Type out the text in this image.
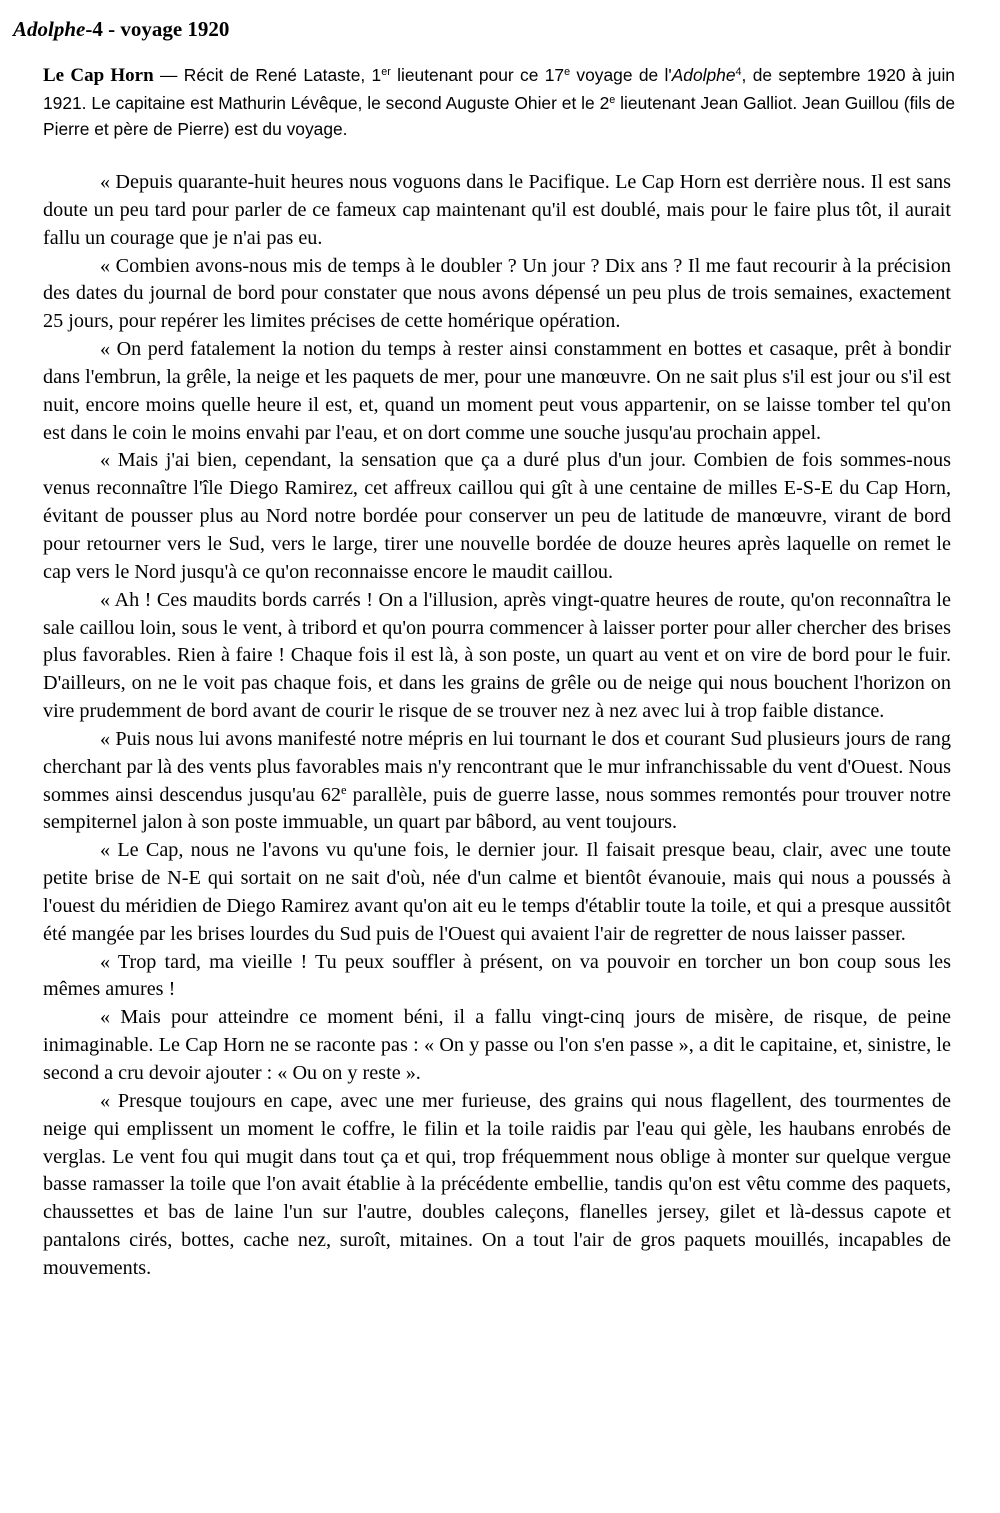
Adolphe-4 - voyage 1920

Le Cap Horn — Récit de René Lataste, 1er lieutenant pour ce 17e voyage de l'Adolphe$^4$, de septembre 1920 à juin 1921. Le capitaine est Mathurin Lévêque, le second Auguste Ohier et le 2e lieutenant Jean Galliot. Jean Guillou (fils de Pierre et père de Pierre) est du voyage.

« Depuis quarante-huit heures nous voguons dans le Pacifique. Le Cap Horn est derrière nous. Il est sans doute un peu tard pour parler de ce fameux cap maintenant qu'il est doublé, mais pour le faire plus tôt, il aurait fallu un courage que je n'ai pas eu.

« Combien avons-nous mis de temps à le doubler ? Un jour ? Dix ans ? Il me faut recourir à la précision des dates du journal de bord pour constater que nous avons dépensé un peu plus de trois semaines, exactement 25 jours, pour repérer les limites précises de cette homérique opération.

« On perd fatalement la notion du temps à rester ainsi constamment en bottes et casaque, prêt à bondir dans l'embrun, la grêle, la neige et les paquets de mer, pour une manœuvre. On ne sait plus s'il est jour ou s'il est nuit, encore moins quelle heure il est, et, quand un moment peut vous appartenir, on se laisse tomber tel qu'on est dans le coin le moins envahi par l'eau, et on dort comme une souche jusqu'au prochain appel.

« Mais j'ai bien, cependant, la sensation que ça a duré plus d'un jour. Combien de fois sommes-nous venus reconnaître l'île Diego Ramirez, cet affreux caillou qui gît à une centaine de milles E-S-E du Cap Horn, évitant de pousser plus au Nord notre bordée pour conserver un peu de latitude de manœuvre, virant de bord pour retourner vers le Sud, vers le large, tirer une nouvelle bordée de douze heures après laquelle on remet le cap vers le Nord jusqu'à ce qu'on reconnaisse encore le maudit caillou.

« Ah ! Ces maudits bords carrés ! On a l'illusion, après vingt-quatre heures de route, qu'on reconnaîtra le sale caillou loin, sous le vent, à tribord et qu'on pourra commencer à laisser porter pour aller chercher des brises plus favorables. Rien à faire ! Chaque fois il est là, à son poste, un quart au vent et on vire de bord pour le fuir. D'ailleurs, on ne le voit pas chaque fois, et dans les grains de grêle ou de neige qui nous bouchent l'horizon on vire prudemment de bord avant de courir le risque de se trouver nez à nez avec lui à trop faible distance.

« Puis nous lui avons manifesté notre mépris en lui tournant le dos et courant Sud plusieurs jours de rang cherchant par là des vents plus favorables mais n'y rencontrant que le mur infranchissable du vent d'Ouest. Nous sommes ainsi descendus jusqu'au 62e parallèle, puis de guerre lasse, nous sommes remontés pour trouver notre sempiternel jalon à son poste immuable, un quart par bâbord, au vent toujours.

« Le Cap, nous ne l'avons vu qu'une fois, le dernier jour. Il faisait presque beau, clair, avec une toute petite brise de N-E qui sortait on ne sait d'où, née d'un calme et bientôt évanouie, mais qui nous a poussés à l'ouest du méridien de Diego Ramirez avant qu'on ait eu le temps d'établir toute la toile, et qui a presque aussitôt été mangée par les brises lourdes du Sud puis de l'Ouest qui avaient l'air de regretter de nous laisser passer.

« Trop tard, ma vieille ! Tu peux souffler à présent, on va pouvoir en torcher un bon coup sous les mêmes amures !

« Mais pour atteindre ce moment béni, il a fallu vingt-cinq jours de misère, de risque, de peine inimaginable. Le Cap Horn ne se raconte pas : « On y passe ou l'on s'en passe », a dit le capitaine, et, sinistre, le second a cru devoir ajouter : « Ou on y reste ».

« Presque toujours en cape, avec une mer furieuse, des grains qui nous flagellent, des tourmentes de neige qui emplissent un moment le coffre, le filin et la toile raidis par l'eau qui gèle, les haubans enrobés de verglas. Le vent fou qui mugit dans tout ça et qui, trop fréquemment nous oblige à monter sur quelque vergue basse ramasser la toile que l'on avait établie à la précédente embellie, tandis qu'on est vêtu comme des paquets, chaussettes et bas de laine l'un sur l'autre, doubles caleçons, flanelles jersey, gilet et là-dessus capote et pantalons cirés, bottes, cache nez, suroît, mitaines. On a tout l'air de gros paquets mouillés, incapables de mouvements.
